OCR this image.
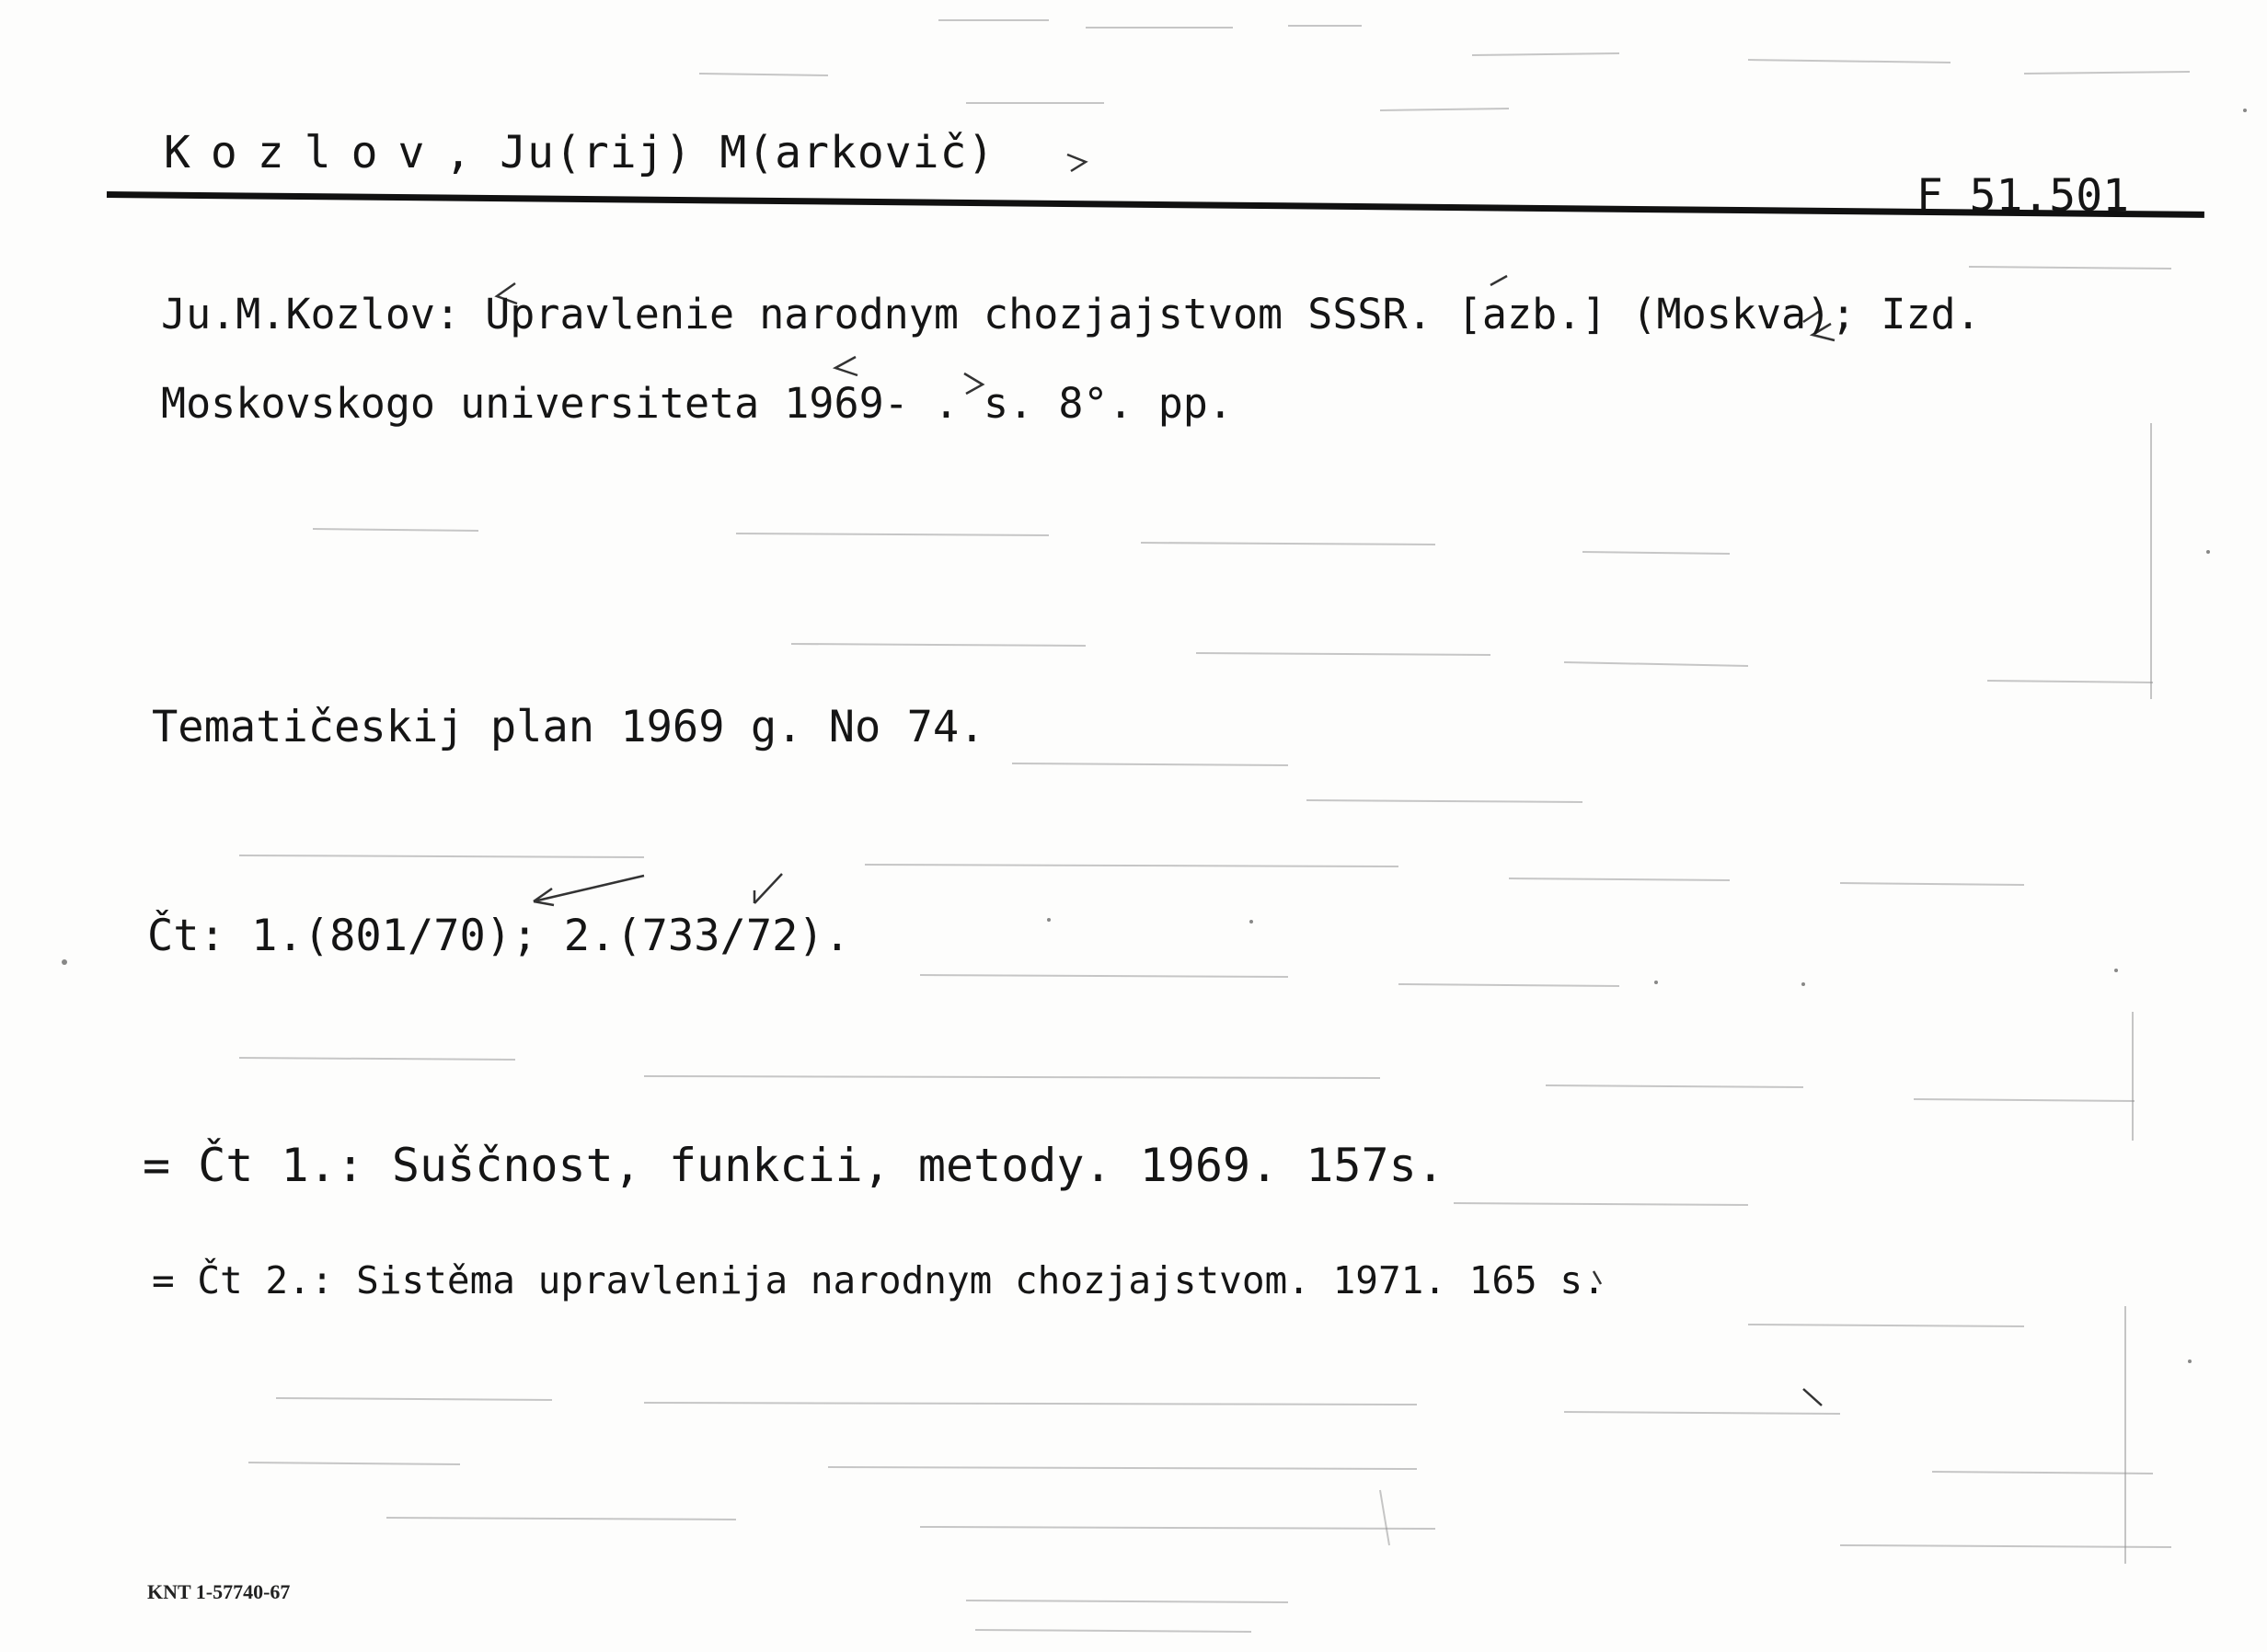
Kozlov, Ju(rij) M(arkovič)
F 51.501
Ju.M.Kozlov: Upravlenie narodnym chozjajstvom SSSR. [azb.] (Moskva); Izd.
Moskovskogo universiteta 1969- . s. 8°. pp.
Tematičeskij plan 1969 g. No 74.
Čt: 1.(801/70); 2.(733/72).
= Čt 1.: Suščnost, funkcii, metody. 1969. 157s.
= Čt 2.: Sistěma upravlenija narodnym chozjajstvom. 1971. 165 s.
KNT 1-57740-67
